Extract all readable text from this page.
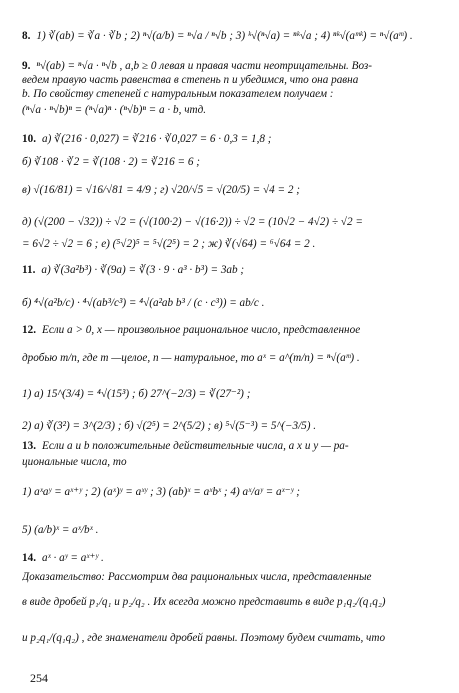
8. 1) ∛(ab) = ∛a · ∛b ; 2) ⁿ√(a/b) = ⁿ√a / ⁿ√b ; 3) ᵏ√(ⁿ√a) = ⁿᵏ√a ; 4) ⁿᵏ√(aᵐᵏ) = ⁿ√(aᵐ) .
9. ⁿ√(ab) = ⁿ√a · ⁿ√b , a,b ≥ 0 левая и правая части неотрицательны. Воз-
ведем правую часть равенства в степень n и убедимся, что она равна
b. По свойству степеней с натуральным показателем получаем :
(ⁿ√a · ⁿ√b)ⁿ = (ⁿ√a)ⁿ · (ⁿ√b)ⁿ = a · b, чтд.
10. а) ∛(216 · 0,027) = ∛216 · ∛0,027 = 6 · 0,3 = 1,8 ;
б) ∛108 · ∛2 = ∛(108 · 2) = ∛216 = 6 ;
в) √(16/81) = √16/√81 = 4/9 ; г) √20/√5 = √(20/5) = √4 = 2 ;
д) (√(200 − √32)) ÷ √2 = (√(100·2) − √(16·2)) ÷ √2 = (10√2 − 4√2) ÷ √2 =
= 6√2 ÷ √2 = 6 ; е) (⁵√2)⁵ = ⁵√(2⁵) = 2 ; ж) ∛(√64) = ⁶√64 = 2 .
11. а) ∛(3a²b³) · ∛(9a) = ∛(3 · 9 · a³ · b³) = 3ab ;
б) ⁴√(a²b/c) · ⁴√(ab³/c³) = ⁴√(a²ab b³ / (c · c³)) = ab/c .
12. Если a > 0, x — произвольное рациональное число, представленное
дробью m/n, где m —целое, n — натуральное, то aˣ = a^(m/n) = ⁿ√(aᵐ) .
1) а) 15^(3/4) = ⁴√(15³) ; б) 27^(−2/3) = ∛(27⁻²) ;
2) а) ∛(3²) = 3^(2/3) ; б) √(2⁵) = 2^(5/2) ; в) ⁵√(5⁻³) = 5^(−3/5) .
13. Если a и b положительные действительные числа, а x и y — ра-
циональные числа, то
1) aˣaʸ = aˣ⁺ʸ ; 2) (aˣ)ʸ = aˣʸ ; 3) (ab)ˣ = aˣbˣ ; 4) aˣ/aʸ = aˣ⁻ʸ ;
5) (a/b)ˣ = aˣ/bˣ .
14. aˣ · aʸ = aˣ⁺ʸ .
Доказательство: Рассмотрим два рациональных числа, представленные
в виде дробей p₁/q₁ и p₂/q₂ . Их всегда можно представить в виде p₁q₂/(q₁q₂)
и p₂q₁/(q₁q₂) , где знаменатели дробей равны. Поэтому будем считать, что
254
